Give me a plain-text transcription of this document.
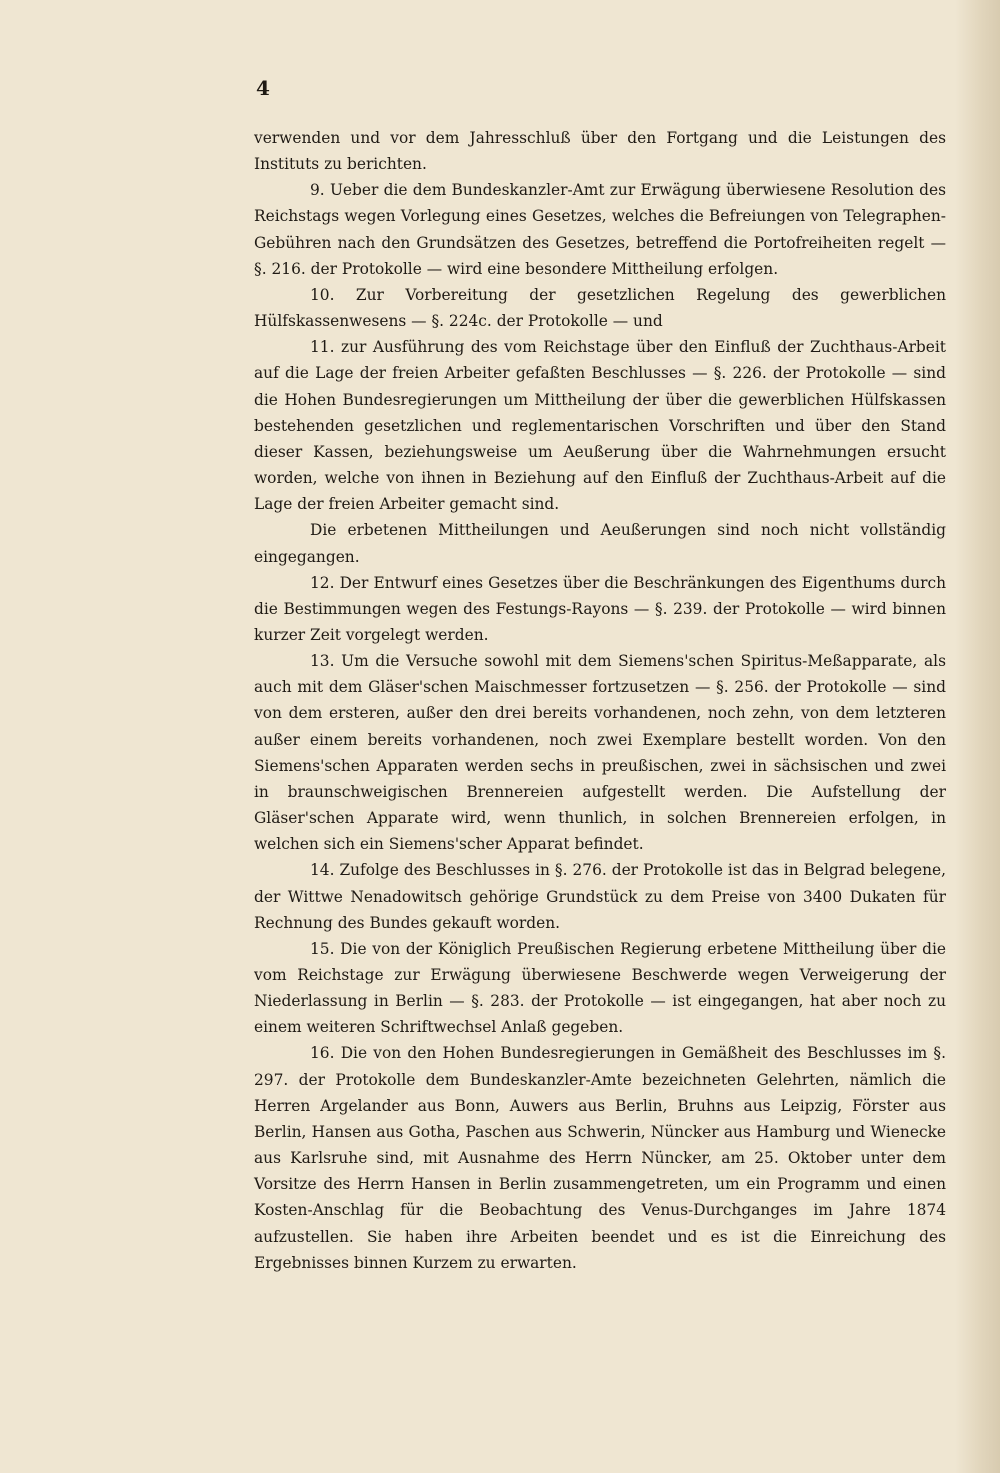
4

verwenden und vor dem Jahresschluß über den Fortgang und die Leistungen des Instituts zu berichten.

9. Ueber die dem Bundeskanzler-Amt zur Erwägung überwiesene Resolution des Reichstags wegen Vorlegung eines Gesetzes, welches die Befreiungen von Telegraphen-Gebühren nach den Grundsätzen des Gesetzes, betreffend die Portofreiheiten regelt — §. 216. der Protokolle — wird eine besondere Mittheilung erfolgen.

10. Zur Vorbereitung der gesetzlichen Regelung des gewerblichen Hülfskassenwesens — §. 224c. der Protokolle — und

11. zur Ausführung des vom Reichstage über den Einfluß der Zuchthaus-Arbeit auf die Lage der freien Arbeiter gefaßten Beschlusses — §. 226. der Protokolle — sind die Hohen Bundesregierungen um Mittheilung der über die gewerblichen Hülfskassen bestehenden gesetzlichen und reglementarischen Vorschriften und über den Stand dieser Kassen, beziehungsweise um Aeußerung über die Wahrnehmungen ersucht worden, welche von ihnen in Beziehung auf den Einfluß der Zuchthaus-Arbeit auf die Lage der freien Arbeiter gemacht sind.

Die erbetenen Mittheilungen und Aeußerungen sind noch nicht vollständig eingegangen.

12. Der Entwurf eines Gesetzes über die Beschränkungen des Eigenthums durch die Bestimmungen wegen des Festungs-Rayons — §. 239. der Protokolle — wird binnen kurzer Zeit vorgelegt werden.

13. Um die Versuche sowohl mit dem Siemens'schen Spiritus-Meßapparate, als auch mit dem Gläser'schen Maischmesser fortzusetzen — §. 256. der Protokolle — sind von dem ersteren, außer den drei bereits vorhandenen, noch zehn, von dem letzteren außer einem bereits vorhandenen, noch zwei Exemplare bestellt worden. Von den Siemens'schen Apparaten werden sechs in preußischen, zwei in sächsischen und zwei in braunschweigischen Brennereien aufgestellt werden. Die Aufstellung der Gläser'schen Apparate wird, wenn thunlich, in solchen Brennereien erfolgen, in welchen sich ein Siemens'scher Apparat befindet.

14. Zufolge des Beschlusses in §. 276. der Protokolle ist das in Belgrad belegene, der Wittwe Nenadowitsch gehörige Grundstück zu dem Preise von 3400 Dukaten für Rechnung des Bundes gekauft worden.

15. Die von der Königlich Preußischen Regierung erbetene Mittheilung über die vom Reichstage zur Erwägung überwiesene Beschwerde wegen Verweigerung der Niederlassung in Berlin — §. 283. der Protokolle — ist eingegangen, hat aber noch zu einem weiteren Schriftwechsel Anlaß gegeben.

16. Die von den Hohen Bundesregierungen in Gemäßheit des Beschlusses im §. 297. der Protokolle dem Bundeskanzler-Amte bezeichneten Gelehrten, nämlich die Herren Argelander aus Bonn, Auwers aus Berlin, Bruhns aus Leipzig, Förster aus Berlin, Hansen aus Gotha, Paschen aus Schwerin, Nüncker aus Hamburg und Wienecke aus Karlsruhe sind, mit Ausnahme des Herrn Nüncker, am 25. Oktober unter dem Vorsitze des Herrn Hansen in Berlin zusammengetreten, um ein Programm und einen Kosten-Anschlag für die Beobachtung des Venus-Durchganges im Jahre 1874 aufzustellen. Sie haben ihre Arbeiten beendet und es ist die Einreichung des Ergebnisses binnen Kurzem zu erwarten.
